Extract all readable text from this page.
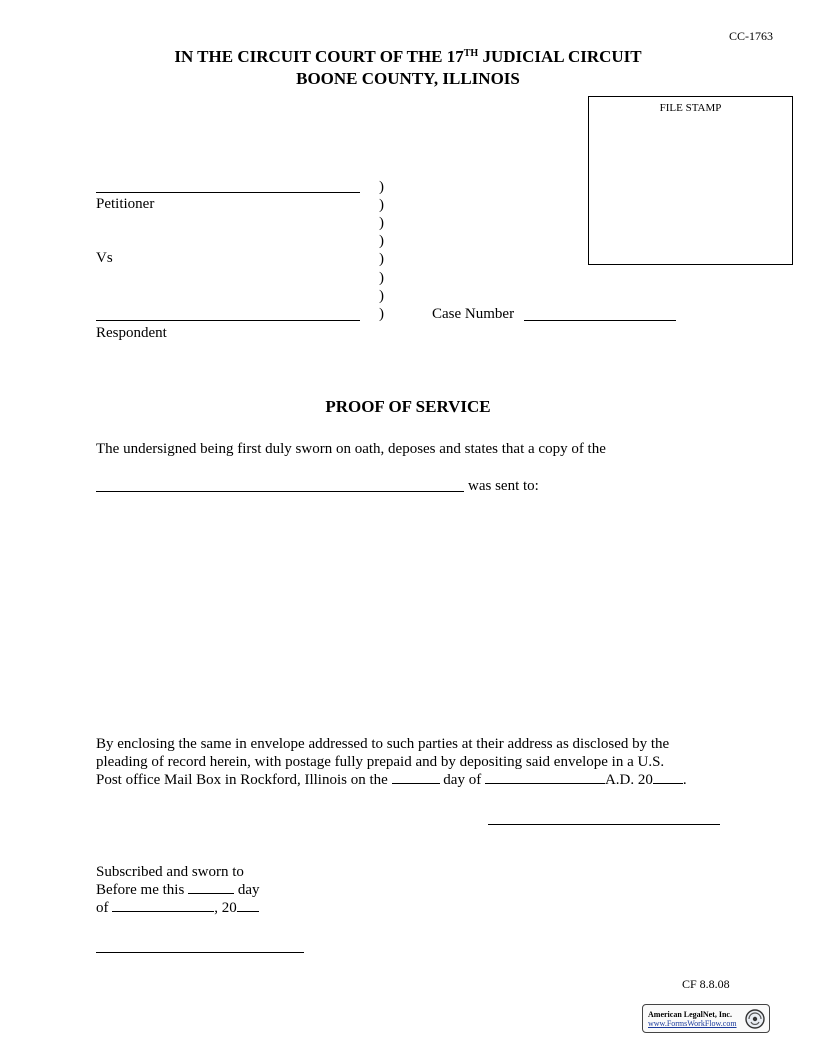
CC-1763
IN THE CIRCUIT COURT OF THE 17TH JUDICIAL CIRCUIT
BOONE COUNTY, ILLINOIS
FILE STAMP
Petitioner
Vs
Respondent
)
)
)
)
)
)
)
)	Case Number
PROOF OF SERVICE
The undersigned being first duly sworn on oath, deposes and states that a copy of the
was sent to:
By enclosing the same in envelope addressed to such parties at their address as disclosed by the
pleading of record herein, with postage fully prepaid and by depositing said envelope in a U.S.
Post office Mail Box in Rockford, Illinois on the	day of	A.D. 20 .
Subscribed and sworn to
Before me this	day
of	, 20
CF 8.8.08
American LegalNet, Inc.
www.FormsWorkFlow.com
